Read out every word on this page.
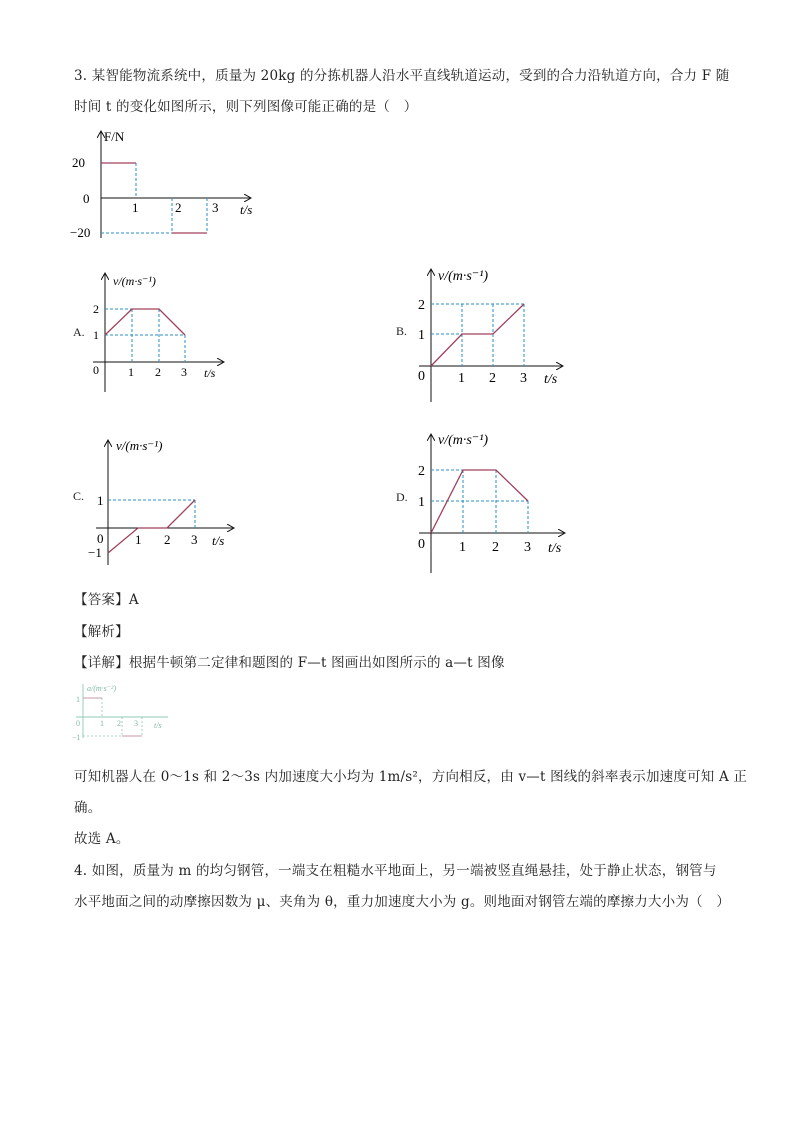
3. 某智能物流系统中，质量为 20kg 的分拣机器人沿水平直线轨道运动，受到的合力沿轨道方向，合力 F 随
时间 t 的变化如图所示，则下列图像可能正确的是（　）
F/N
20
0
−20
1	2 3 t/s
A.
v/(m·s⁻¹)
2
1
0 1 2 3 t/s
B.
v/(m·s⁻¹)
2
1
0 1 2 3 t/s
C.
v/(m·s⁻¹)
1
0
−1
1 2 3 t/s
D.
v/(m·s⁻¹)
2
1
0 1 2 3 t/s
【答案】A
【解析】
【详解】根据牛顿第二定律和题图的 F—t 图画出如图所示的 a—t 图像
a/(m·s⁻²)
1
0
−1
1 2 3 t/s
可知机器人在 0～1s 和 2～3s 内加速度大小均为 1m/s²，方向相反，由 v—t 图线的斜率表示加速度可知 A 正
确。
故选 A。
4. 如图，质量为 m 的均匀钢管，一端支在粗糙水平地面上，另一端被竖直绳悬挂，处于静止状态，钢管与
水平地面之间的动摩擦因数为 μ、夹角为 θ，重力加速度大小为 g。则地面对钢管左端的摩擦力大小为（　）
